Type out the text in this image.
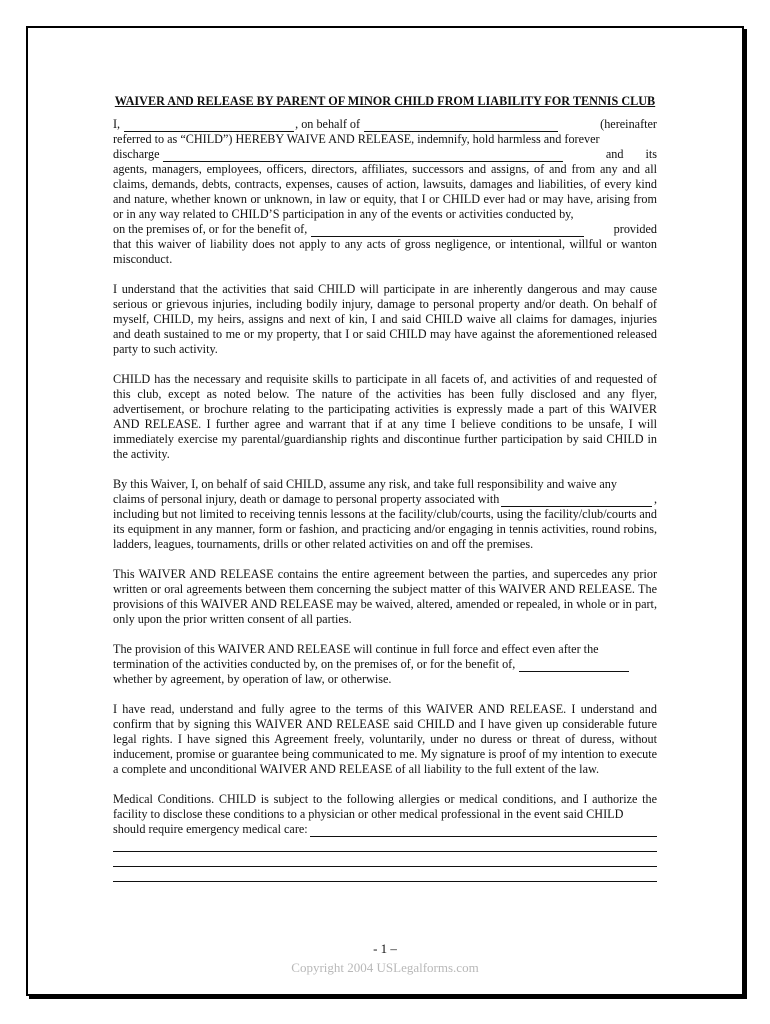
WAIVER AND RELEASE BY PARENT OF MINOR CHILD FROM LIABILITY FOR TENNIS CLUB

I,	, on behalf of	(hereinafter
referred to as “CHILD”) HEREBY WAIVE AND RELEASE, indemnify, hold harmless and forever
discharge	and its
agents, managers, employees, officers, directors, affiliates, successors and assigns, of and from any and all claims, demands, debts, contracts, expenses, causes of action, lawsuits, damages and liabilities, of every kind and nature, whether known or unknown, in law or equity, that I or CHILD ever had or may have, arising from or in any way related to CHILD’S participation in any of the events or activities conducted by,
on the premises of, or for the benefit of,	provided
that this waiver of liability does not apply to any acts of gross negligence, or intentional, willful or wanton misconduct.

I understand that the activities that said CHILD will participate in are inherently dangerous and may cause serious or grievous injuries, including bodily injury, damage to personal property and/or death. On behalf of myself, CHILD, my heirs, assigns and next of kin, I and said CHILD waive all claims for damages, injuries and death sustained to me or my property, that I or said CHILD may have against the aforementioned released party to such activity.

CHILD has the necessary and requisite skills to participate in all facets of, and activities of and requested of this club, except as noted below. The nature of the activities has been fully disclosed and any flyer, advertisement, or brochure relating to the participating activities is expressly made a part of this WAIVER AND RELEASE. I further agree and warrant that if at any time I believe conditions to be unsafe, I will immediately exercise my parental/guardianship rights and discontinue further participation by said CHILD in the activity.

By this Waiver, I, on behalf of said CHILD, assume any risk, and take full responsibility and waive any
claims of personal injury, death or damage to personal property associated with	,
including but not limited to receiving tennis lessons at the facility/club/courts, using the facility/club/courts and its equipment in any manner, form or fashion, and practicing and/or engaging in tennis activities, round robins, ladders, leagues, tournaments, drills or other related activities on and off the premises.

This WAIVER AND RELEASE contains the entire agreement between the parties, and supercedes any prior written or oral agreements between them concerning the subject matter of this WAIVER AND RELEASE. The provisions of this WAIVER AND RELEASE may be waived, altered, amended or repealed, in whole or in part, only upon the prior written consent of all parties.

The provision of this WAIVER AND RELEASE will continue in full force and effect even after the
termination of the activities conducted by, on the premises of, or for the benefit of,
whether by agreement, by operation of law, or otherwise.

I have read, understand and fully agree to the terms of this WAIVER AND RELEASE. I understand and confirm that by signing this WAIVER AND RELEASE said CHILD and I have given up considerable future legal rights. I have signed this Agreement freely, voluntarily, under no duress or threat of duress, without inducement, promise or guarantee being communicated to me. My signature is proof of my intention to execute a complete and unconditional WAIVER AND RELEASE of all liability to the full extent of the law.

Medical Conditions. CHILD is subject to the following allergies or medical conditions, and I authorize the facility to disclose these conditions to a physician or other medical professional in the event said CHILD
should require emergency medical care:

- 1 –
Copyright 2004 USLegalforms.com
